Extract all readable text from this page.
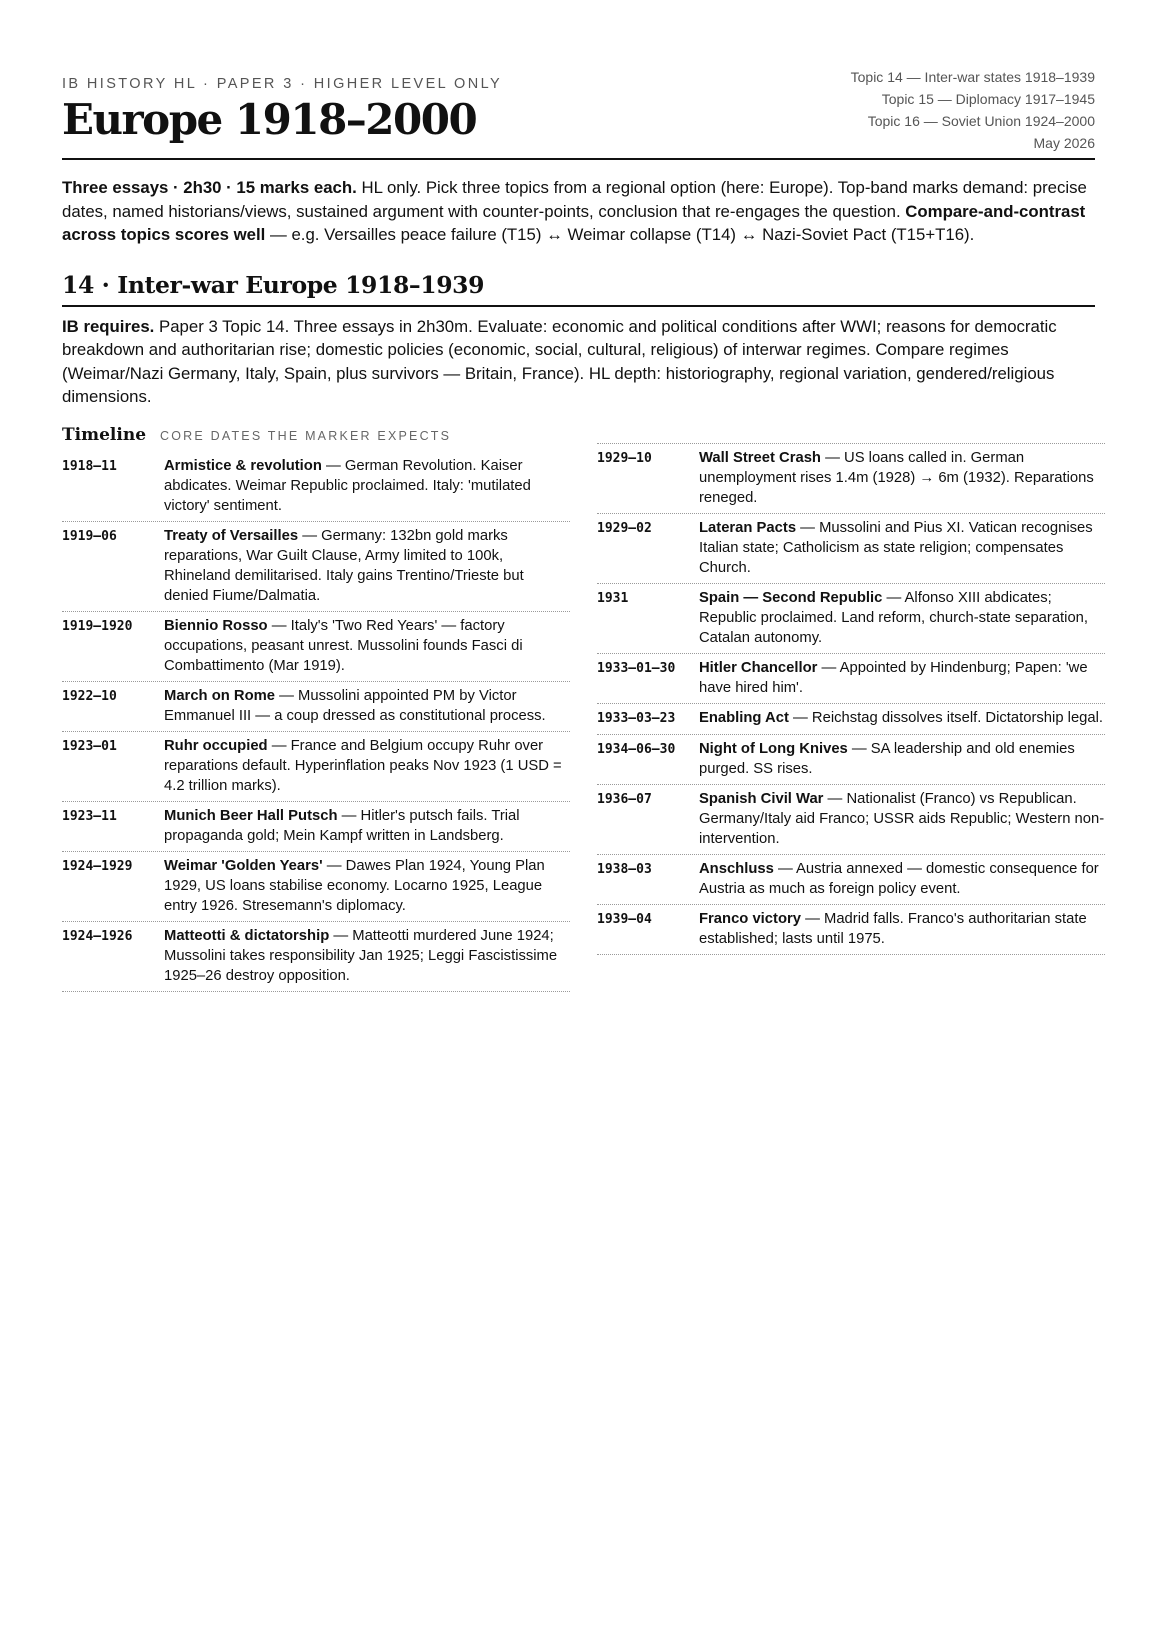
IB HISTORY HL · PAPER 3 · HIGHER LEVEL ONLY
Europe 1918–2000
Topic 14 — Inter-war states 1918–1939
Topic 15 — Diplomacy 1917–1945
Topic 16 — Soviet Union 1924–2000
May 2026

Three essays · 2h30 · 15 marks each. HL only. Pick three topics from a regional option (here: Europe). Top-band marks demand: precise dates, named historians/views, sustained argument with counter-points, conclusion that re-engages the question. Compare-and-contrast across topics scores well — e.g. Versailles peace failure (T15) ↔ Weimar collapse (T14) ↔ Nazi-Soviet Pact (T15+T16).

14 · Inter-war Europe 1918–1939

IB requires. Paper 3 Topic 14. Three essays in 2h30m. Evaluate: economic and political conditions after WWI; reasons for democratic breakdown and authoritarian rise; domestic policies (economic, social, cultural, religious) of interwar regimes. Compare regimes (Weimar/Nazi Germany, Italy, Spain, plus survivors — Britain, France). HL depth: historiography, regional variation, gendered/religious dimensions.

Timeline CORE DATES THE MARKER EXPECTS
1918–11	Armistice & revolution — German Revolution. Kaiser abdicates. Weimar Republic proclaimed. Italy: 'mutilated victory' sentiment.
1919–06	Treaty of Versailles — Germany: 132bn gold marks reparations, War Guilt Clause, Army limited to 100k, Rhineland demilitarised. Italy gains Trentino/Trieste but denied Fiume/Dalmatia.
1919–1920	Biennio Rosso — Italy's 'Two Red Years' — factory occupations, peasant unrest. Mussolini founds Fasci di Combattimento (Mar 1919).
1922–10	March on Rome — Mussolini appointed PM by Victor Emmanuel III — a coup dressed as constitutional process.
1923–01	Ruhr occupied — France and Belgium occupy Ruhr over reparations default. Hyperinflation peaks Nov 1923 (1 USD = 4.2 trillion marks).
1923–11	Munich Beer Hall Putsch — Hitler's putsch fails. Trial propaganda gold; Mein Kampf written in Landsberg.
1924–1929	Weimar 'Golden Years' — Dawes Plan 1924, Young Plan 1929, US loans stabilise economy. Locarno 1925, League entry 1926. Stresemann's diplomacy.
1924–1926	Matteotti & dictatorship — Matteotti murdered June 1924; Mussolini takes responsibility Jan 1925; Leggi Fascistissime 1925–26 destroy opposition.
1929–10	Wall Street Crash — US loans called in. German unemployment rises 1.4m (1928) → 6m (1932). Reparations reneged.
1929–02	Lateran Pacts — Mussolini and Pius XI. Vatican recognises Italian state; Catholicism as state religion; compensates Church.
1931	Spain — Second Republic — Alfonso XIII abdicates; Republic proclaimed. Land reform, church-state separation, Catalan autonomy.
1933–01–30	Hitler Chancellor — Appointed by Hindenburg; Papen: 'we have hired him'.
1933–03–23	Enabling Act — Reichstag dissolves itself. Dictatorship legal.
1934–06–30	Night of Long Knives — SA leadership and old enemies purged. SS rises.
1936–07	Spanish Civil War — Nationalist (Franco) vs Republican. Germany/Italy aid Franco; USSR aids Republic; Western non-intervention.
1938–03	Anschluss — Austria annexed — domestic consequence for Austria as much as foreign policy event.
1939–04	Franco victory — Madrid falls. Franco's authoritarian state established; lasts until 1975.
